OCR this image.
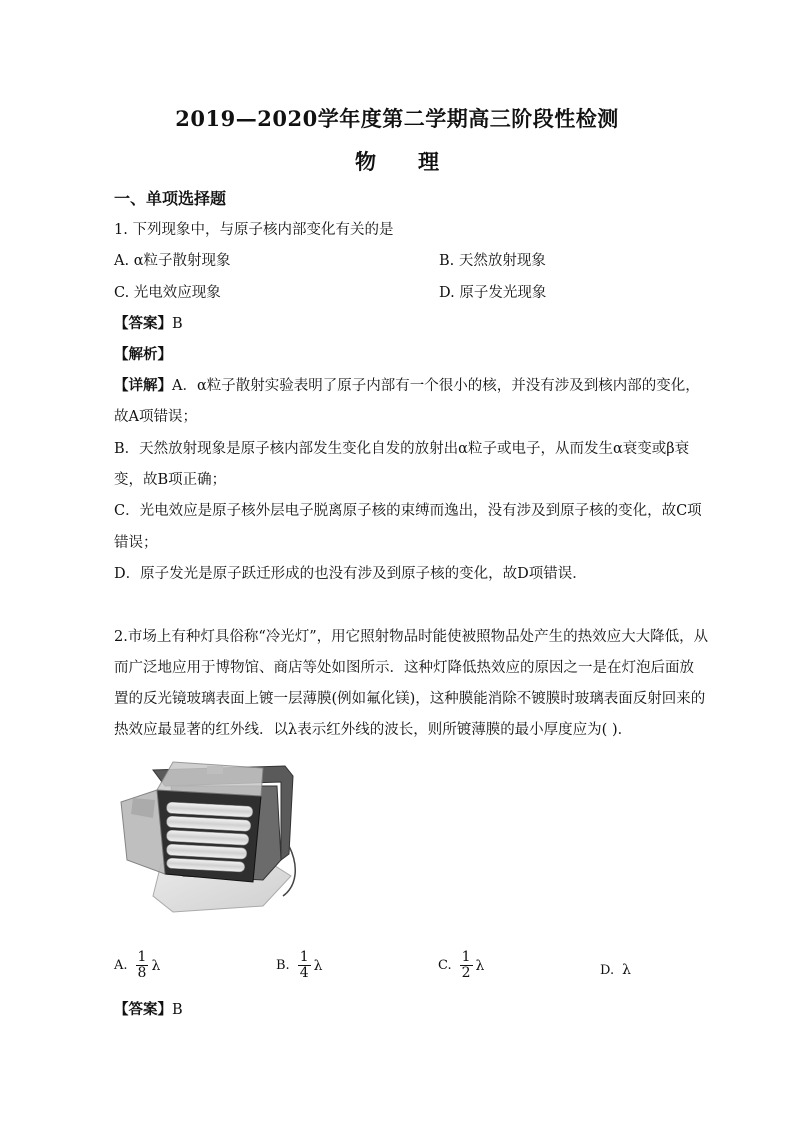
2019—2020学年度第二学期高三阶段性检测
物 理
一、单项选择题
1. 下列现象中，与原子核内部变化有关的是
A. α粒子散射现象	B. 天然放射现象
C. 光电效应现象	D. 原子发光现象
【答案】B
【解析】
【详解】A．α粒子散射实验表明了原子内部有一个很小的核，并没有涉及到核内部的变化，
故A项错误；
B．天然放射现象是原子核内部发生变化自发的放射出α粒子或电子，从而发生α衰变或β衰
变，故B项正确；
C．光电效应是原子核外层电子脱离原子核的束缚而逸出，没有涉及到原子核的变化，故C项
错误；
D．原子发光是原子跃迁形成的也没有涉及到原子核的变化，故D项错误．
2.市场上有种灯具俗称“冷光灯”，用它照射物品时能使被照物品处产生的热效应大大降低，从
而广泛地应用于博物馆、商店等处如图所示．这种灯降低热效应的原因之一是在灯泡后面放
置的反光镜玻璃表面上镀一层薄膜(例如氟化镁)，这种膜能消除不镀膜时玻璃表面反射回来的
热效应最显著的红外线．以λ表示红外线的波长，则所镀薄膜的最小厚度应为( )．
A. $\frac{1}{8}$ λ	B. $\frac{1}{4}$ λ	C. $\frac{1}{2}$ λ	D. λ
【答案】B
